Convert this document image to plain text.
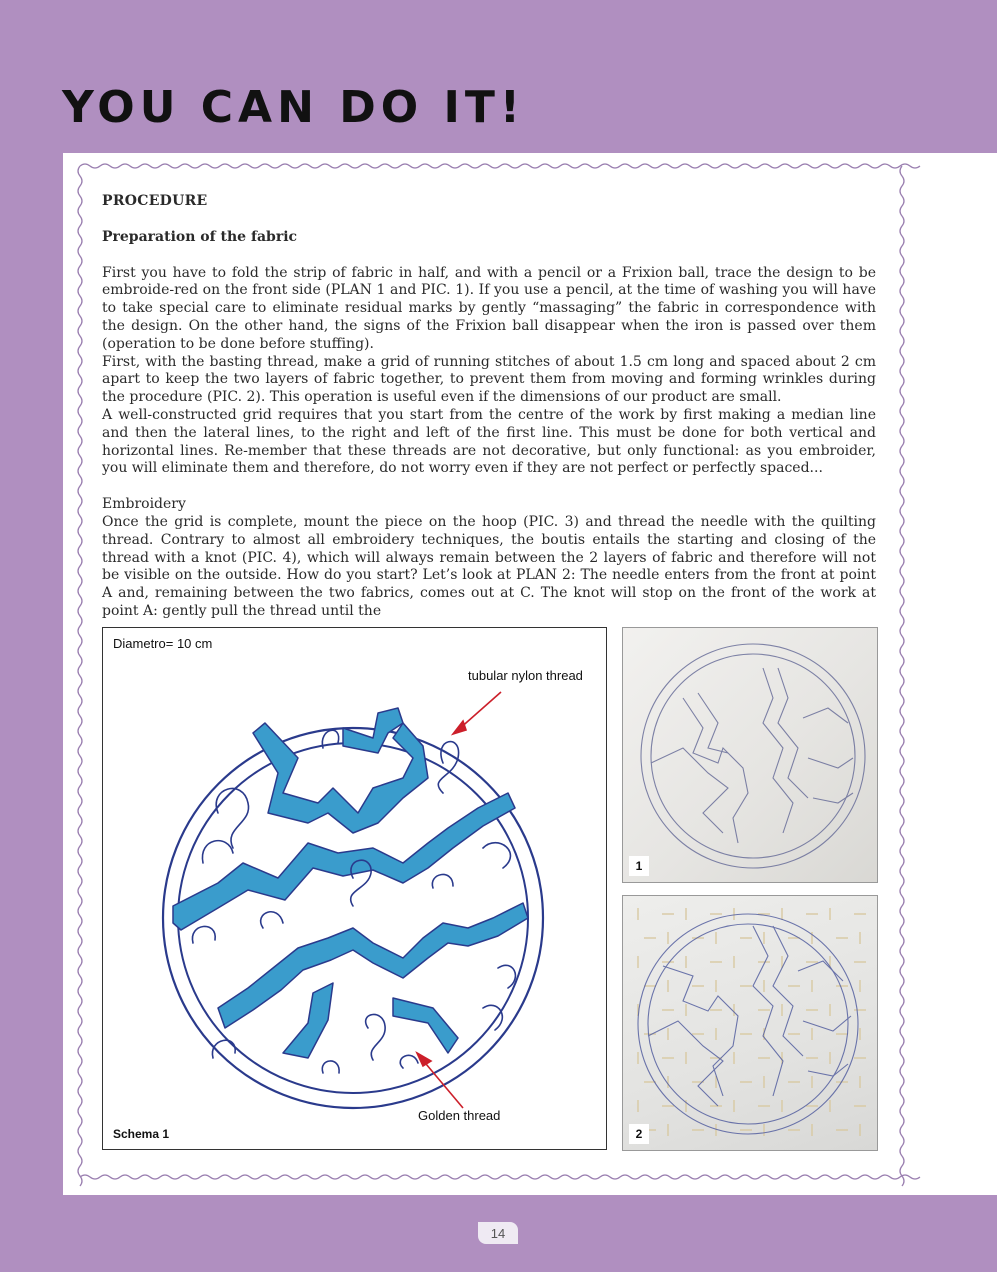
YOU CAN DO IT!
PROCEDURE
Preparation of the fabric

First you have to fold the strip of fabric in half, and with a pencil or a Frixion ball, trace the design to be embroide-red on the front side (PLAN 1 and PIC. 1). If you use a pencil, at the time of washing you will have to take special care to eliminate residual marks by gently “massaging” the fabric in correspondence with the design. On the other hand, the signs of the Frixion ball disappear when the iron is passed over them (operation to be done before stuffing).

First, with the basting thread, make a grid of running stitches of about 1.5 cm long and spaced about 2 cm apart to keep the two layers of fabric together, to prevent them from moving and forming wrinkles during the procedure (PIC. 2). This operation is useful even if the dimensions of our product are small.

A well-constructed grid requires that you start from the centre of the work by first making a median line and then the lateral lines, to the right and left of the first line. This must be done for both vertical and horizontal lines. Re-member that these threads are not decorative, but only functional: as you embroider, you will eliminate them and therefore, do not worry even if they are not perfect or perfectly spaced...

Embroidery

Once the grid is complete, mount the piece on the hoop (PIC. 3) and thread the needle with the quilting thread. Contrary to almost all embroidery techniques, the boutis entails the starting and closing of the thread with a knot (PIC. 4), which will always remain between the 2 layers of fabric and therefore will not be visible on the outside. How do you start? Let’s look at PLAN 2: The needle enters from the front at point A and, remaining between the two fabrics, comes out at C. The knot will stop on the front of the work at point A: gently pull the thread until the

Diametro= 10 cm
tubular nylon thread
Golden thread
Schema 1
1
2
14
